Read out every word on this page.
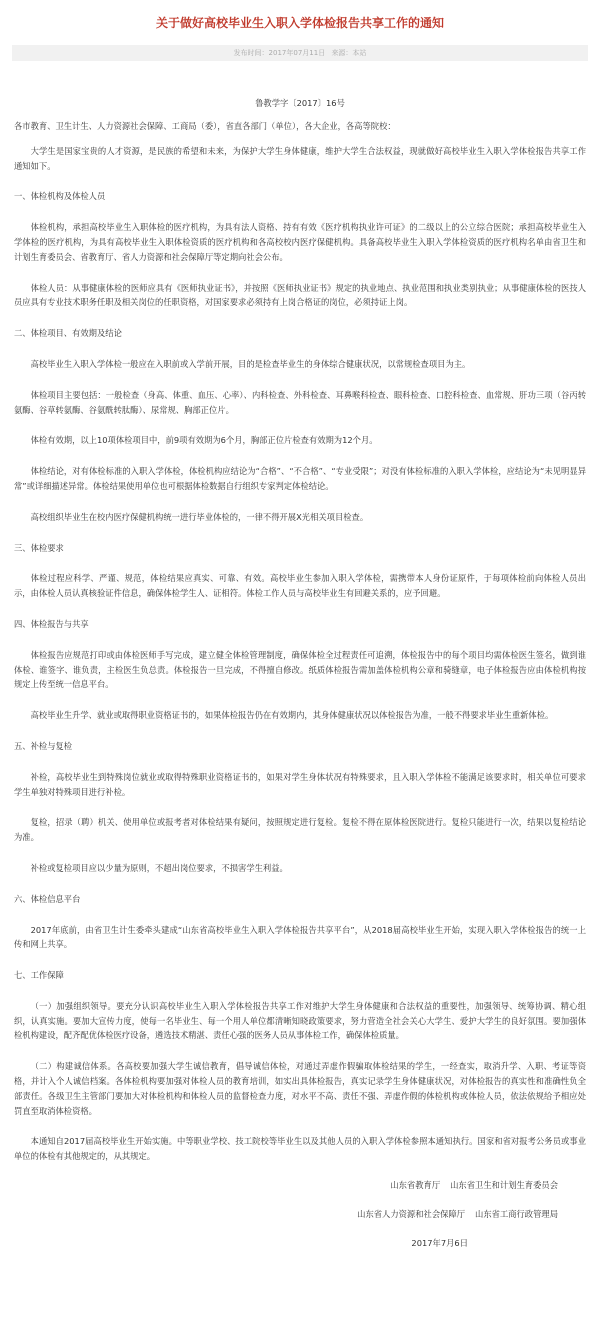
关于做好高校毕业生入职入学体检报告共享工作的通知
发布时间：2017年07月11日 来源：本站
鲁教学字〔2017〕16号

各市教育、卫生计生、人力资源社会保障、工商局（委），省直各部门（单位），各大企业，各高等院校：

大学生是国家宝贵的人才资源，是民族的希望和未来，为保护大学生身体健康，维护大学生合法权益，现就做好高校毕业生入职入学体检报告共享工作通知如下。

一、体检机构及体检人员

体检机构，承担高校毕业生入职体检的医疗机构，为具有法人资格、持有有效《医疗机构执业许可证》的二级以上的公立综合医院；承担高校毕业生入学体检的医疗机构，为具有高校毕业生入职体检资质的医疗机构和各高校校内医疗保健机构。具备高校毕业生入职入学体检资质的医疗机构名单由省卫生和计划生育委员会、省教育厅、省人力资源和社会保障厅等定期向社会公布。

体检人员：从事健康体检的医师应具有《医师执业证书》，并按照《医师执业证书》规定的执业地点、执业范围和执业类别执业；从事健康体检的医技人员应具有专业技术职务任职及相关岗位的任职资格，对国家要求必须持有上岗合格证的岗位，必须持证上岗。

二、体检项目、有效期及结论

高校毕业生入职入学体检一般应在入职前或入学前开展，目的是检查毕业生的身体综合健康状况，以常规检查项目为主。

体检项目主要包括：一般检查（身高、体重、血压、心率）、内科检查、外科检查、耳鼻喉科检查、眼科检查、口腔科检查、血常规、肝功三项（谷丙转氨酶、谷草转氨酶、谷氨酰转肽酶）、尿常规、胸部正位片。

体检有效期，以上10项体检项目中，前9项有效期为6个月，胸部正位片检查有效期为12个月。

体检结论，对有体检标准的入职入学体检，体检机构应结论为“合格”、“不合格”、“专业受限”；对没有体检标准的入职入学体检，应结论为“未见明显异常”或详细描述异常。体检结果使用单位也可根据体检数据自行组织专家判定体检结论。

高校组织毕业生在校内医疗保健机构统一进行毕业体检的，一律不得开展X光相关项目检查。

三、体检要求

体检过程应科学、严谨、规范，体检结果应真实、可靠、有效。高校毕业生参加入职入学体检，需携带本人身份证原件，于每项体检前向体检人员出示，由体检人员认真核验证件信息，确保体检学生人、证相符。体检工作人员与高校毕业生有回避关系的，应予回避。

四、体检报告与共享

体检报告应规范打印或由体检医师手写完成，建立健全体检管理制度，确保体检全过程责任可追溯，体检报告中的每个项目均需体检医生签名，做到谁体检、谁签字、谁负责，主检医生负总责。体检报告一旦完成，不得擅自修改。纸质体检报告需加盖体检机构公章和骑缝章，电子体检报告应由体检机构按规定上传至统一信息平台。

高校毕业生升学、就业或取得职业资格证书的，如果体检报告仍在有效期内，其身体健康状况以体检报告为准，一般不得要求毕业生重新体检。

五、补检与复检

补检，高校毕业生到特殊岗位就业或取得特殊职业资格证书的，如果对学生身体状况有特殊要求，且入职入学体检不能满足该要求时，相关单位可要求学生单独对特殊项目进行补检。

复检，招录（聘）机关、使用单位或报考者对体检结果有疑问，按照规定进行复检。复检不得在原体检医院进行。复检只能进行一次，结果以复检结论为准。

补检或复检项目应以少量为原则，不超出岗位要求，不损害学生利益。

六、体检信息平台

2017年底前，由省卫生计生委牵头建成“山东省高校毕业生入职入学体检报告共享平台”，从2018届高校毕业生开始，实现入职入学体检报告的统一上传和网上共享。

七、工作保障

（一）加强组织领导。要充分认识高校毕业生入职入学体检报告共享工作对维护大学生身体健康和合法权益的重要性，加强领导、统筹协调、精心组织，认真实施。要加大宣传力度，使每一名毕业生、每一个用人单位都清晰知晓政策要求，努力营造全社会关心大学生、爱护大学生的良好氛围。要加强体检机构建设，配齐配优体检医疗设备，遴选技术精湛、责任心强的医务人员从事体检工作，确保体检质量。

（二）构建诚信体系。各高校要加强大学生诚信教育，倡导诚信体检，对通过弄虚作假骗取体检结果的学生，一经查实，取消升学、入职、考证等资格，并计入个人诚信档案。各体检机构要加强对体检人员的教育培训，如实出具体检报告，真实记录学生身体健康状况，对体检报告的真实性和准确性负全部责任。各级卫生主管部门要加大对体检机构和体检人员的监督检查力度，对水平不高、责任不强、弄虚作假的体检机构或体检人员，依法依规给予相应处罚直至取消体检资格。

本通知自2017届高校毕业生开始实施。中等职业学校、技工院校等毕业生以及其他人员的入职入学体检参照本通知执行。国家和省对报考公务员或事业单位的体检有其他规定的，从其规定。

山东省教育厅 山东省卫生和计划生育委员会

山东省人力资源和社会保障厅 山东省工商行政管理局

2017年7月6日
